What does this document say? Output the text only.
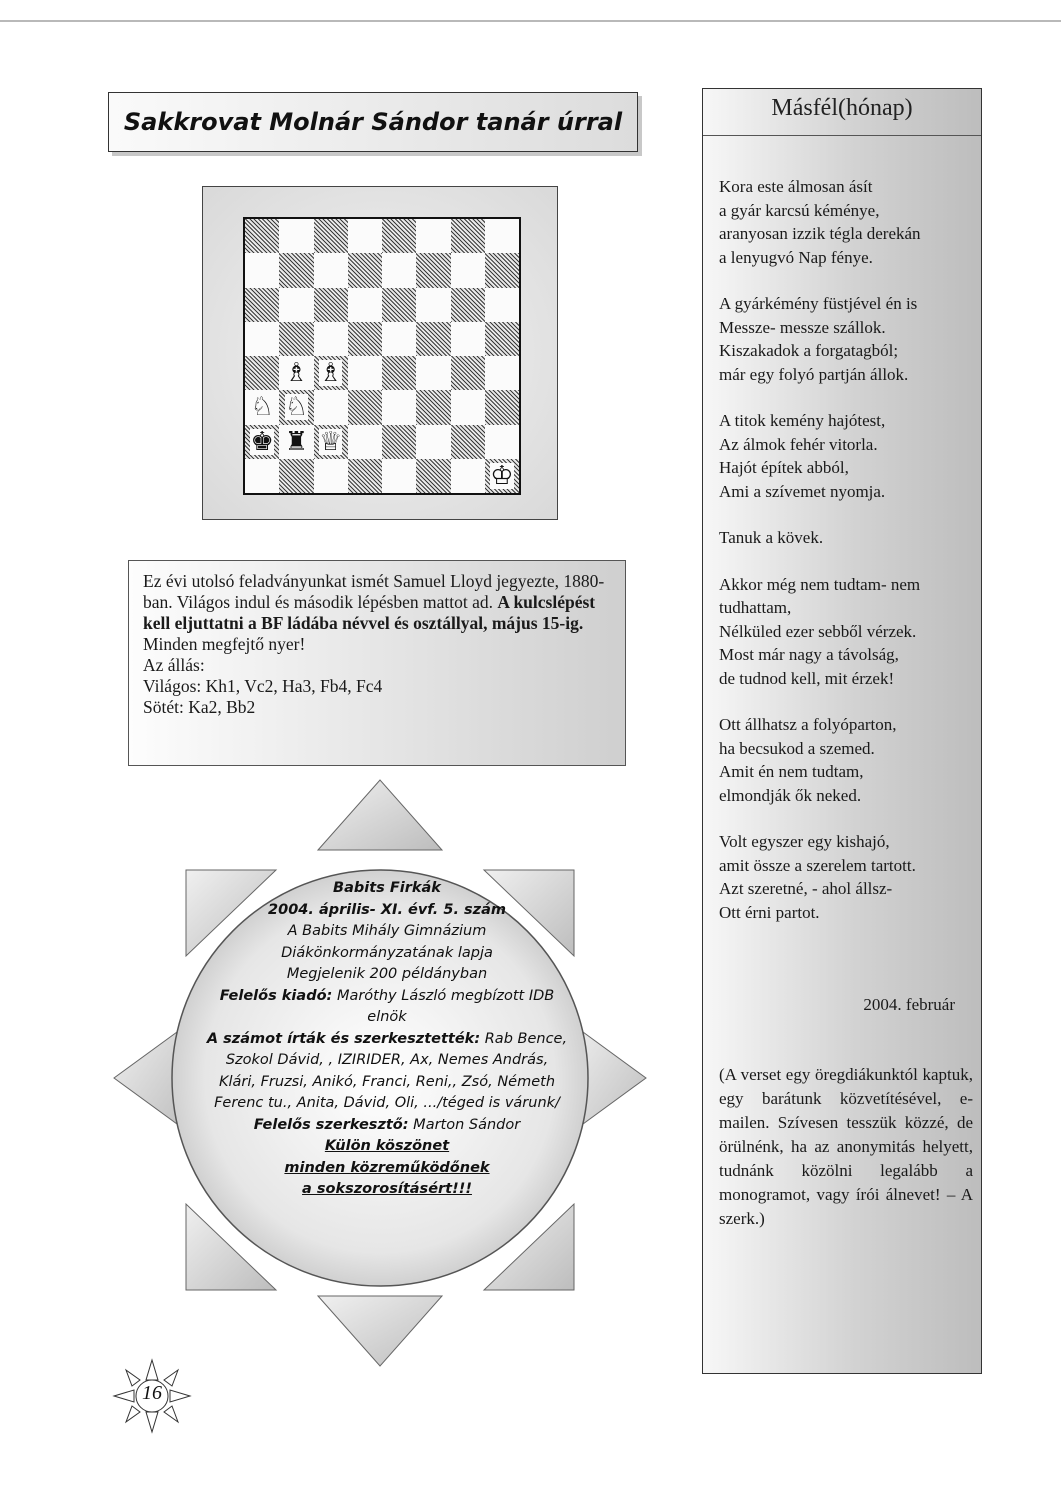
Sakkrovat Molnár Sándor tanár úrral
♗ ♗
♘ ♘
♚ ♜ ♕
♔

Ez évi utolsó feladványunkat ismét Samuel Lloyd jegyezte, 1880-ban. Világos indul és második lépésben mattot ad. A kulcslépést kell eljuttatni a BF ládába névvel és osztállyal, május 15-ig. Minden megfejtő nyer!

Az állás:

Világos: Kh1, Vc2, Ha3, Fb4, Fc4

Sötét: Ka2, Bb2

Babits Firkák
2004. április- XI. évf. 5. szám
A Babits Mihály Gimnázium
Diákönkormányzatának lapja
Megjelenik 200 példányban
Felelős kiadó: Maróthy László megbízott IDB
elnök
A számot írták és szerkesztették: Rab Bence,
Szokol Dávid, , IZIRIDER, Ax, Nemes András,
Klári, Fruzsi, Anikó, Franci, Reni,, Zsó, Németh
Ferenc tu., Anita, Dávid, Oli, .../téged is várunk/
Felelős szerkesztő: Marton Sándor
Külön köszönet
minden közreműködőnek
a sokszorosításért!!!
16
Másfél(hónap)
Kora este álmosan ásít
a gyár karcsú kéménye,
aranyosan izzik tégla derekán
a lenyugvó Nap fénye.
A gyárkémény füstjével én is
Messze- messze szállok.
Kiszakadok a forgatagból;
már egy folyó partján állok.
A titok kemény hajótest,
Az álmok fehér vitorla.
Hajót építek abból,
Ami a szívemet nyomja.
Tanuk a kövek.
Akkor még nem tudtam- nem
tudhattam,
Nélküled ezer sebből vérzek.
Most már nagy a távolság,
de tudnod kell, mit érzek!
Ott állhatsz a folyóparton,
ha becsukod a szemed.
Amit én nem tudtam,
elmondják ők neked.
Volt egyszer egy kishajó,
amit össze a szerelem tartott.
Azt szeretné, - ahol állsz-
Ott érni partot.
2004. február
(A verset egy öregdiákunktól kaptuk, egy barátunk közvetítésével, e-mailen. Szívesen tesszük közzé, de örülnénk, ha az anonymitás helyett, tudnánk közölni legalább a monogramot, vagy írói álnevet! – A szerk.)
